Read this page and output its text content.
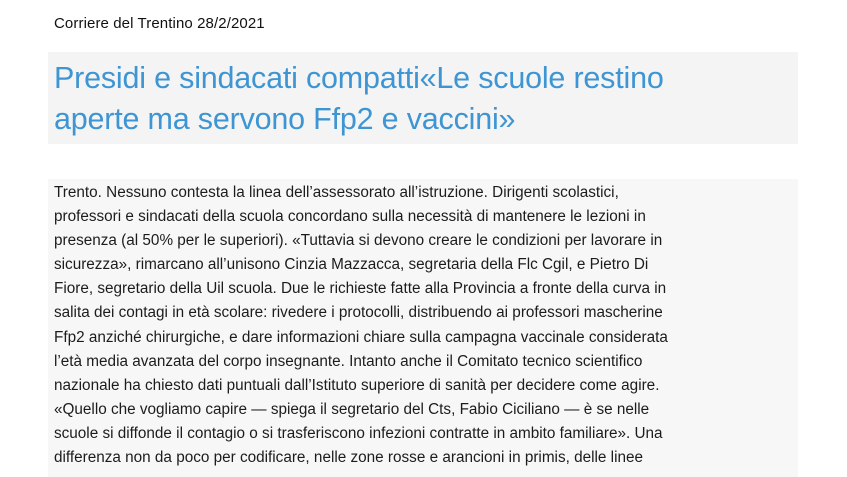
Corriere del Trentino 28/2/2021
Presidi e sindacati compatti«Le scuole restino
aperte ma servono Ffp2 e vaccini»

Trento. Nessuno contesta la linea dell’assessorato all’istruzione. Dirigenti scolastici,
professori e sindacati della scuola concordano sulla necessità di mantenere le lezioni in
presenza (al 50% per le superiori). «Tuttavia si devono creare le condizioni per lavorare in
sicurezza», rimarcano all’unisono Cinzia Mazzacca, segretaria della Flc Cgil, e Pietro Di
Fiore, segretario della Uil scuola. Due le richieste fatte alla Provincia a fronte della curva in
salita dei contagi in età scolare: rivedere i protocolli, distribuendo ai professori mascherine
Ffp2 anziché chirurgiche, e dare informazioni chiare sulla campagna vaccinale considerata
l’età media avanzata del corpo insegnante. Intanto anche il Comitato tecnico scientifico
nazionale ha chiesto dati puntuali dall’Istituto superiore di sanità per decidere come agire.
«Quello che vogliamo capire — spiega il segretario del Cts, Fabio Ciciliano — è se nelle
scuole si diffonde il contagio o si trasferiscono infezioni contratte in ambito familiare». Una
differenza non da poco per codificare, nelle zone rosse e arancioni in primis, delle linee
